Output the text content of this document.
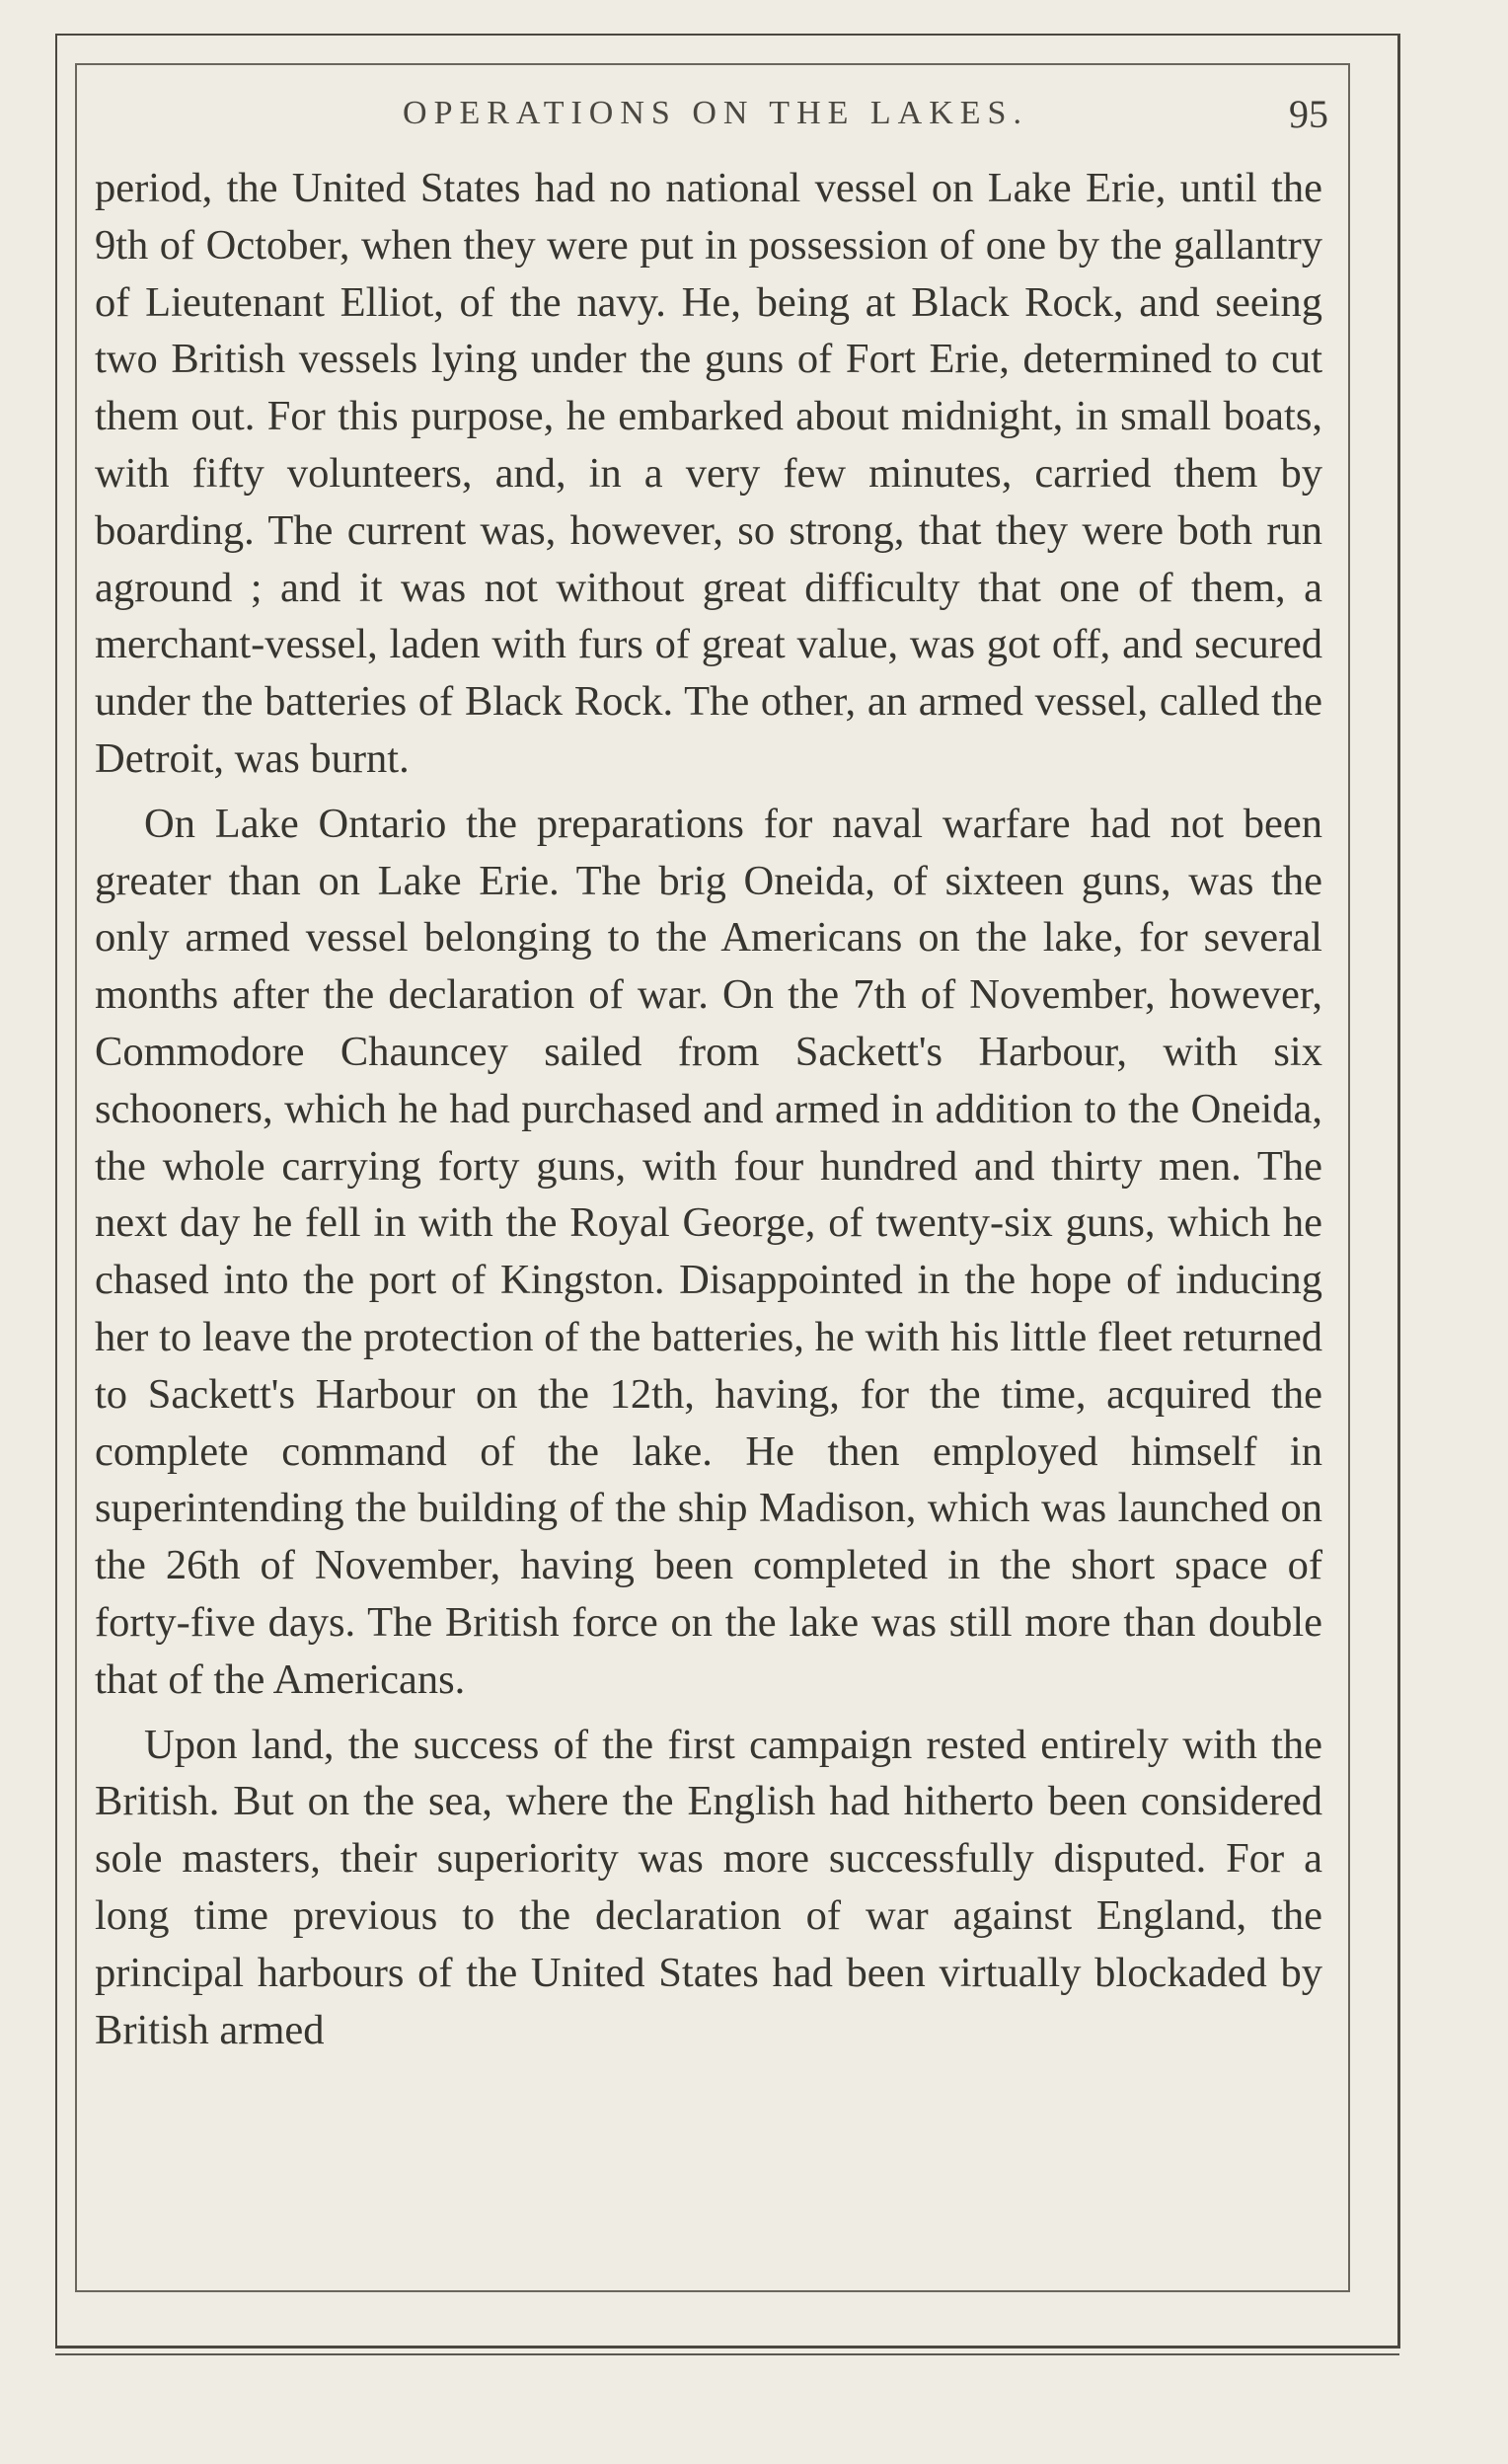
OPERATIONS ON THE LAKES.	95

period, the United States had no national vessel on Lake Erie, until the 9th of October, when they were put in possession of one by the gallantry of Lieutenant Elliot, of the navy. He, being at Black Rock, and seeing two British vessels lying under the guns of Fort Erie, determined to cut them out. For this purpose, he embarked about midnight, in small boats, with fifty volunteers, and, in a very few minutes, carried them by boarding. The current was, however, so strong, that they were both run aground ; and it was not without great difficulty that one of them, a merchant-vessel, laden with furs of great value, was got off, and secured under the batteries of Black Rock. The other, an armed vessel, called the Detroit, was burnt.

On Lake Ontario the preparations for naval warfare had not been greater than on Lake Erie. The brig Oneida, of sixteen guns, was the only armed vessel belonging to the Americans on the lake, for several months after the declaration of war. On the 7th of November, however, Commodore Chauncey sailed from Sackett's Harbour, with six schooners, which he had purchased and armed in addition to the Oneida, the whole carrying forty guns, with four hundred and thirty men. The next day he fell in with the Royal George, of twenty-six guns, which he chased into the port of Kingston. Disappointed in the hope of inducing her to leave the protection of the batteries, he with his little fleet returned to Sackett's Harbour on the 12th, having, for the time, acquired the complete command of the lake. He then employed himself in superintending the building of the ship Madison, which was launched on the 26th of November, having been completed in the short space of forty-five days. The British force on the lake was still more than double that of the Americans.

Upon land, the success of the first campaign rested entirely with the British. But on the sea, where the English had hitherto been considered sole masters, their superiority was more successfully disputed. For a long time previous to the declaration of war against England, the principal harbours of the United States had been virtually blockaded by British armed
